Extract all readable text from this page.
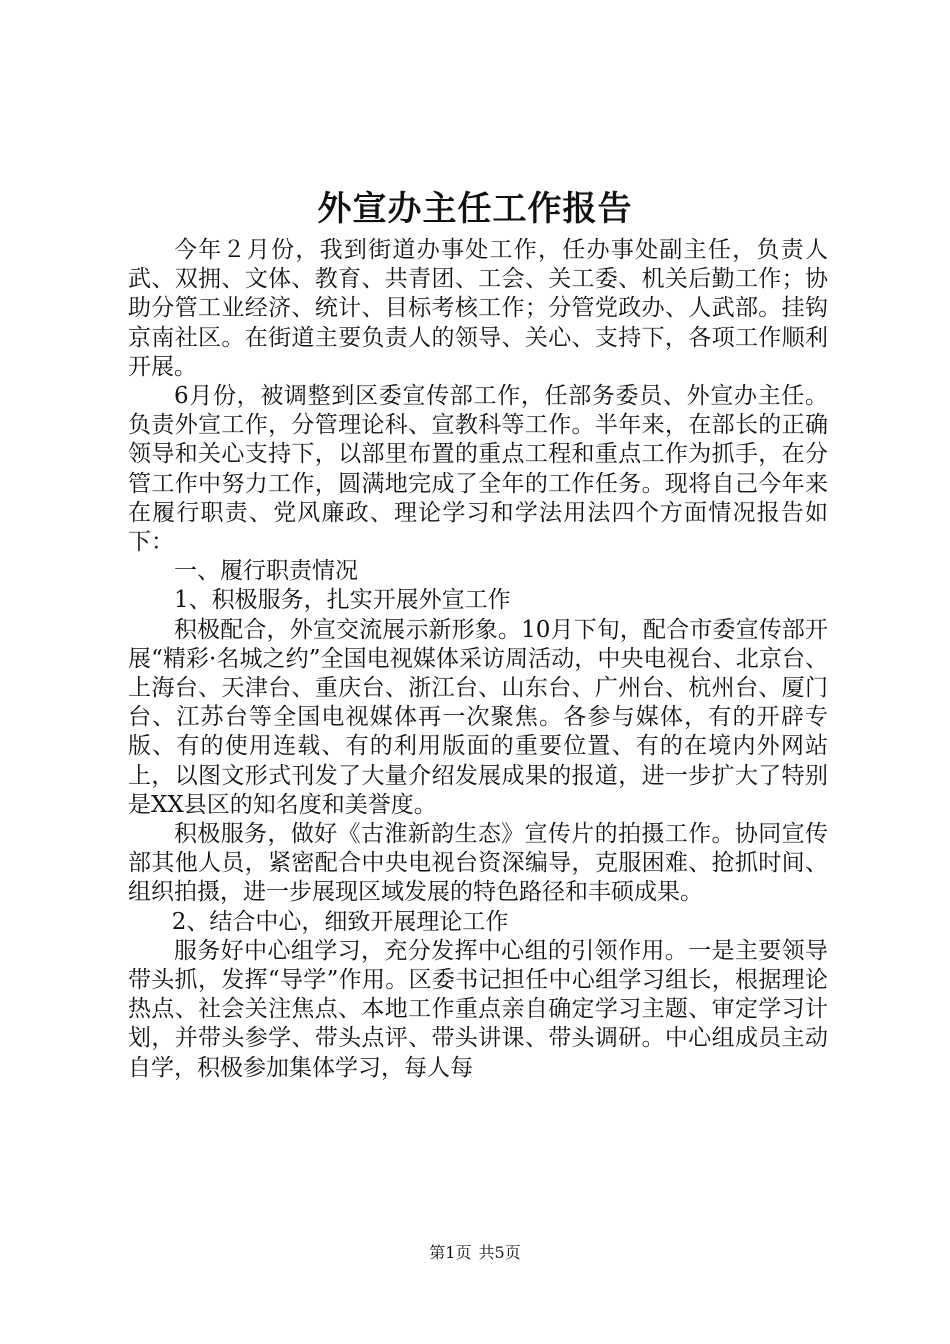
外宣办主任工作报告

今年２月份，我到街道办事处工作，任办事处副主任，负责人武、双拥、文体、教育、共青团、工会、关工委、机关后勤工作；协助分管工业经济、统计、目标考核工作；分管党政办、人武部。挂钩京南社区。在街道主要负责人的领导、关心、支持下，各项工作顺利开展。

6月份，被调整到区委宣传部工作，任部务委员、外宣办主任。负责外宣工作，分管理论科、宣教科等工作。半年来，在部长的正确领导和关心支持下，以部里布置的重点工程和重点工作为抓手，在分管工作中努力工作，圆满地完成了全年的工作任务。现将自己今年来在履行职责、党风廉政、理论学习和学法用法四个方面情况报告如下：

一、履行职责情况

1、积极服务，扎实开展外宣工作

积极配合，外宣交流展示新形象。10月下旬，配合市委宣传部开展“精彩·名城之约”全国电视媒体采访周活动，中央电视台、北京台、上海台、天津台、重庆台、浙江台、山东台、广州台、杭州台、厦门台、江苏台等全国电视媒体再一次聚焦。各参与媒体，有的开辟专版、有的使用连载、有的利用版面的重要位置、有的在境内外网站上，以图文形式刊发了大量介绍发展成果的报道，进一步扩大了特别是XX县区的知名度和美誉度。

积极服务，做好《古淮新韵生态》宣传片的拍摄工作。协同宣传部其他人员，紧密配合中央电视台资深编导，克服困难、抢抓时间、组织拍摄，进一步展现区域发展的特色路径和丰硕成果。

2、结合中心，细致开展理论工作

服务好中心组学习，充分发挥中心组的引领作用。一是主要领导带头抓，发挥“导学”作用。区委书记担任中心组学习组长，根据理论热点、社会关注焦点、本地工作重点亲自确定学习主题、审定学习计划，并带头参学、带头点评、带头讲课、带头调研。中心组成员主动自学，积极参加集体学习，每人每

第1页 共5页
